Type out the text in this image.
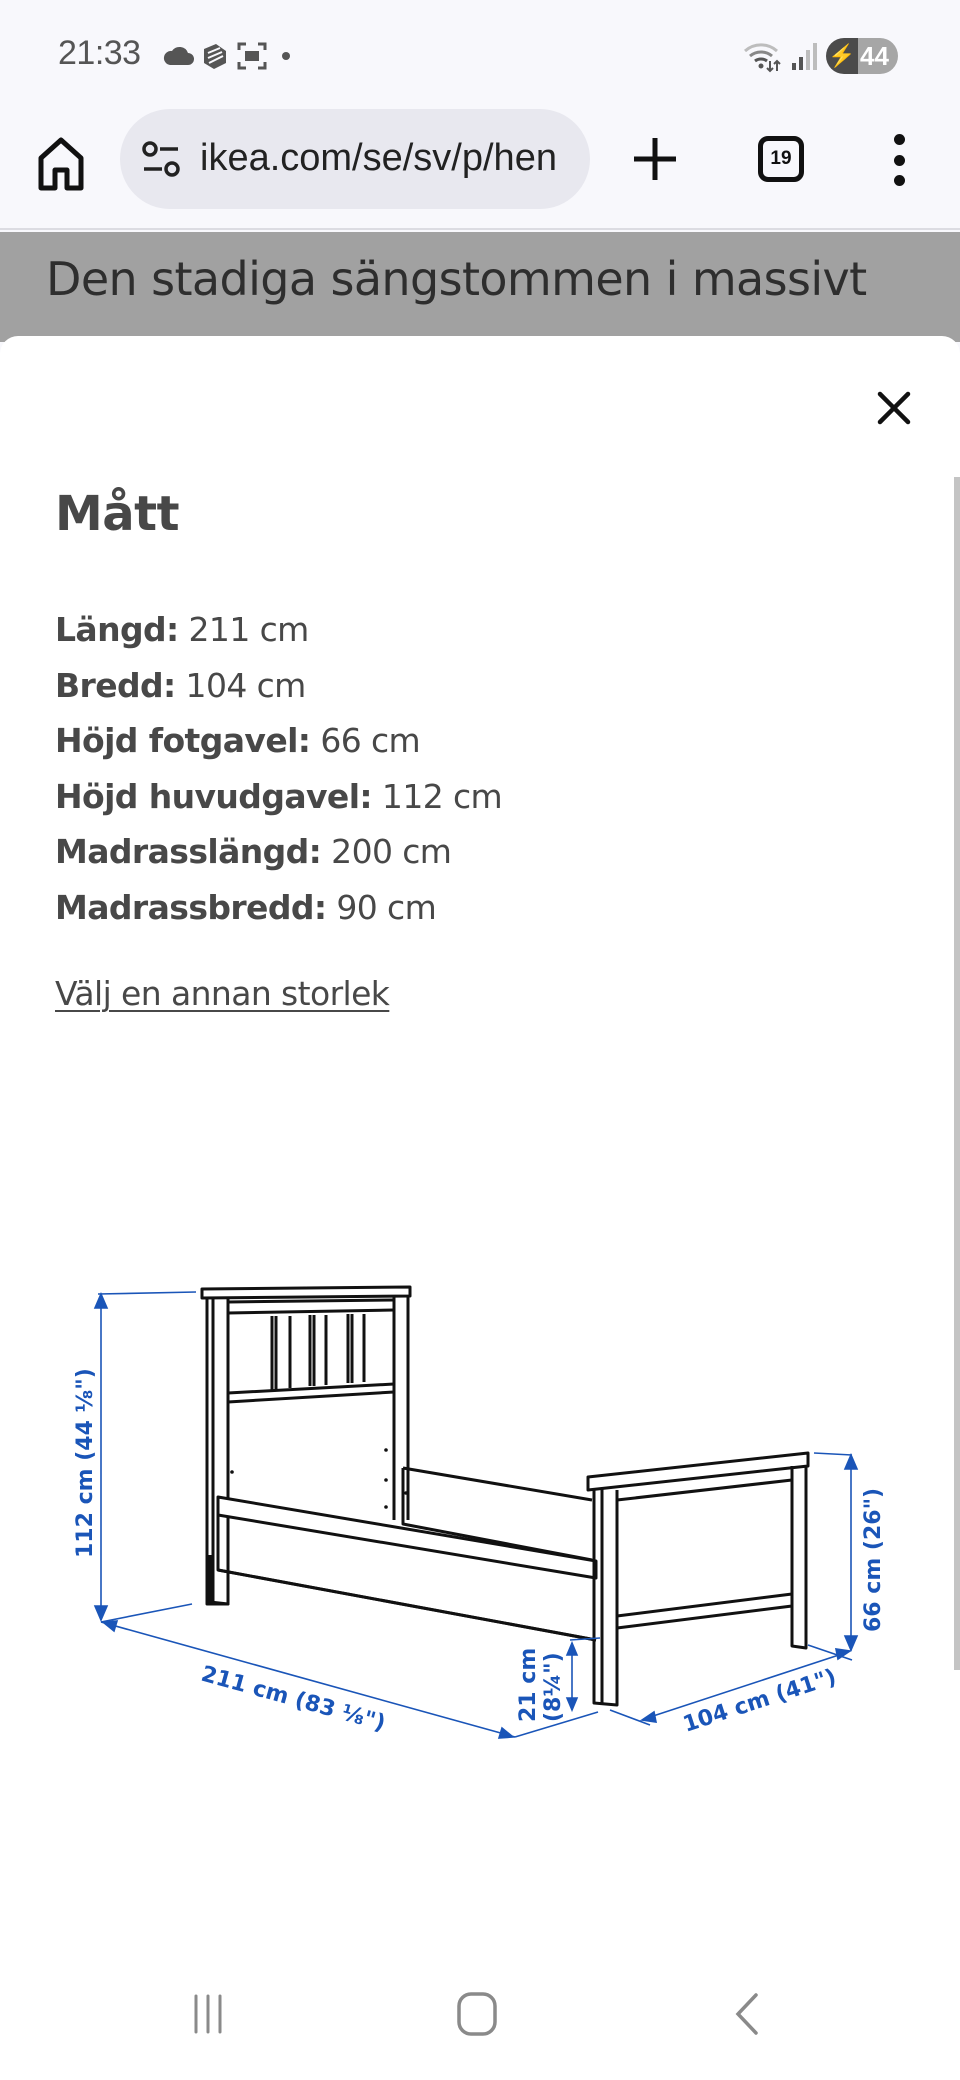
21:33	⚡ 44
ikea.com/se/sv/p/hen	19
Den stadiga sängstommen i massivt
Mått
Längd: 211 cm
Bredd: 104 cm
Höjd fotgavel: 66 cm
Höjd huvudgavel: 112 cm
Madrasslängd: 200 cm
Madrassbredd: 90 cm
Välj en annan storlek
112 cm (44 ⅛")
211 cm (83 ⅛")	21 cm (8¼")	104 cm (41")
66 cm (26")
